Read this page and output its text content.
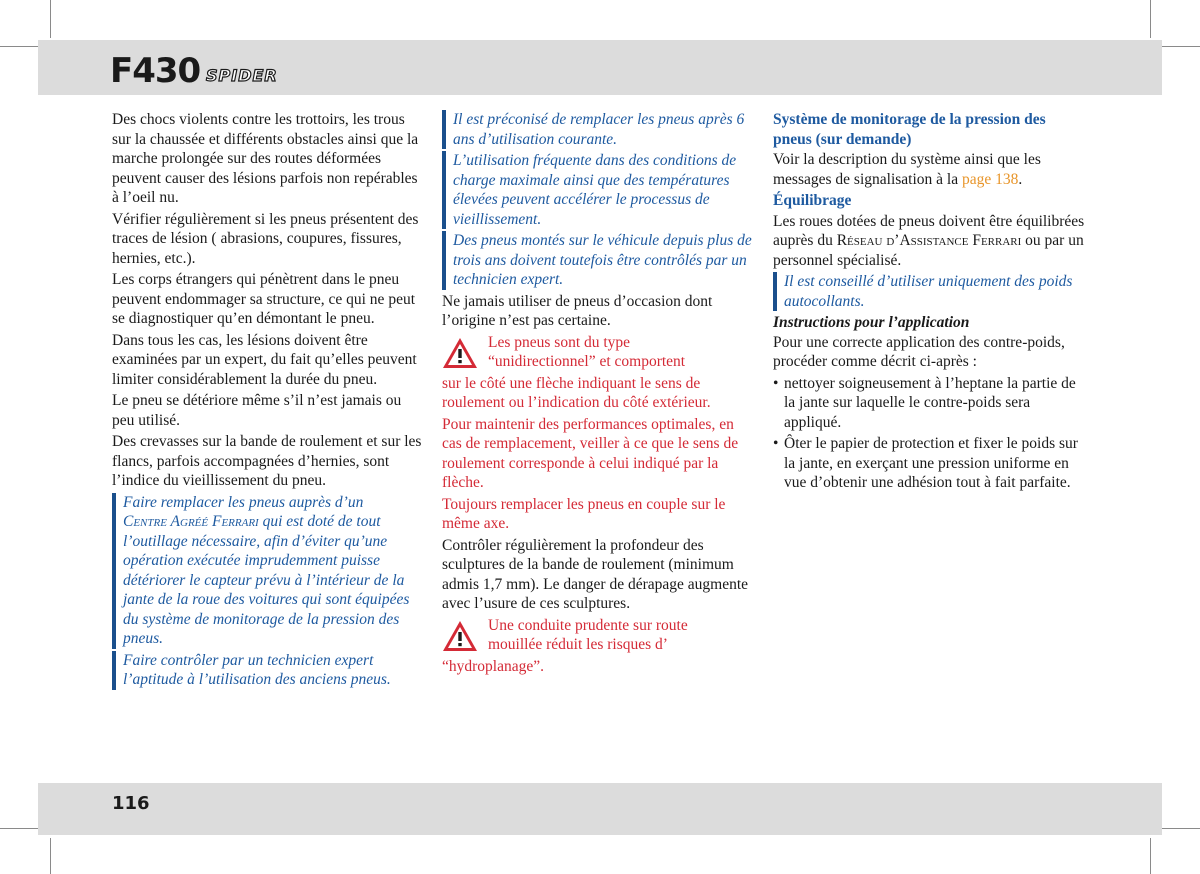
F430 SPIDER
116

Des chocs violents contre les trottoirs, les trous sur la chaussée et différents obstacles ainsi que la marche prolongée sur des routes déformées peuvent causer des lésions parfois non repérables à l’oeil nu.

Vérifier régulièrement si les pneus présentent des traces de lésion ( abrasions, coupures, fissures, hernies, etc.).

Les corps étrangers qui pénètrent dans le pneu peuvent endommager sa structure, ce qui ne peut se diagnostiquer qu’en démontant le pneu.

Dans tous les cas, les lésions doivent être examinées par un expert, du fait qu’elles peuvent limiter considérablement la durée du pneu.

Le pneu se détériore même s’il n’est jamais ou peu utilisé.

Des crevasses sur la bande de roulement et sur les flancs, parfois accompagnées d’hernies, sont l’indice du vieillissement du pneu.

Faire remplacer les pneus auprès d’un
Centre Agréé Ferrari qui est doté de tout l’outillage nécessaire, afin d’éviter qu’une opération exécutée imprudemment puisse détériorer le capteur prévu à l’intérieur de la jante de la roue des voitures qui sont équipées du système de monitorage de la pression des pneus.
Faire contrôler par un technicien expert l’aptitude à l’utilisation des anciens pneus.
Il est préconisé de remplacer les pneus après 6 ans d’utilisation courante.
L’utilisation fréquente dans des conditions de charge maximale ainsi que des températures élevées peuvent accélérer le processus de vieillissement.
Des pneus montés sur le véhicule depuis plus de trois ans doivent toutefois être contrôlés par un technicien expert.

Ne jamais utiliser de pneus d’occasion dont l’origine n’est pas certaine.

Les pneus sont du type
“unidirectionnel” et comportent
sur le côté une flèche indiquant le sens de roulement ou l’indication du côté extérieur.

Pour maintenir des performances optimales, en cas de remplacement, veiller à ce que le sens de roulement corresponde à celui indiqué par la flèche.

Toujours remplacer les pneus en couple sur le même axe.

Contrôler régulièrement la profondeur des sculptures de la bande de roulement (minimum admis 1,7 mm). Le danger de dérapage augmente avec l’usure de ces sculptures.

Une conduite prudente sur route
mouillée réduit les risques d’
“hydroplanage”.
Système de monitorage de la pression des pneus (sur demande)

Voir la description du système ainsi que les messages de signalisation à la page 138.

Équilibrage

Les roues dotées de pneus doivent être équilibrées auprès du Réseau d’Assistance Ferrari ou par un personnel spécialisé.

Il est conseillé d’utiliser uniquement des poids autocollants.
Instructions pour l’application

Pour une correcte application des contre-poids, procéder comme décrit ci-après :

• nettoyer soigneusement à l’heptane la partie de la jante sur laquelle le contre-poids sera appliqué.
• Ôter le papier de protection et fixer le poids sur la jante, en exerçant une pression uniforme en vue d’obtenir une adhésion tout à fait parfaite.
